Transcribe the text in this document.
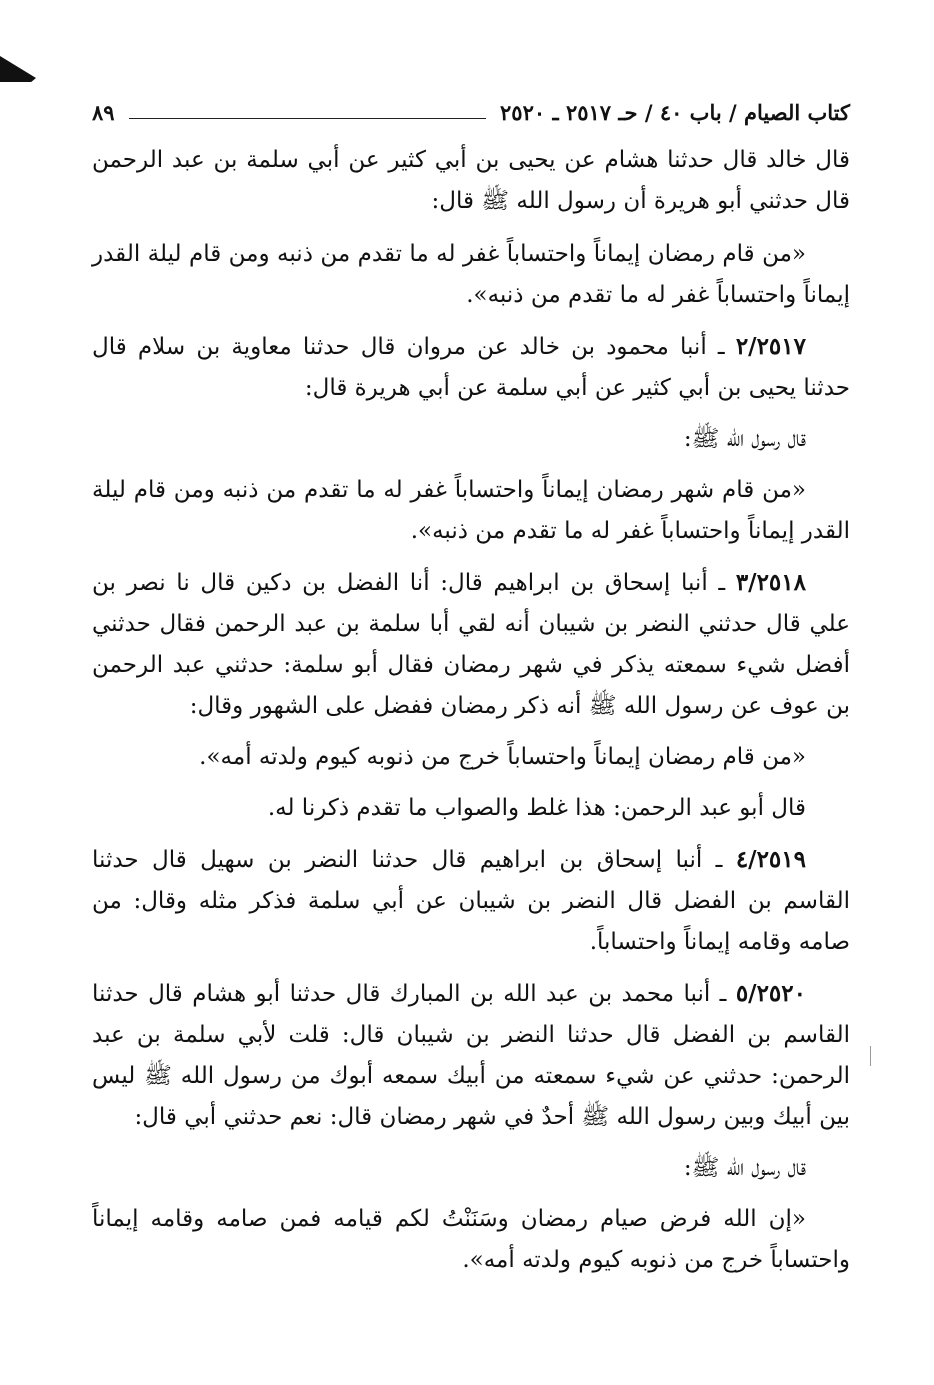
كتاب الصيام / باب ٤٠ / حـ ٢٥١٧ ـ ٢٥٢٠
٨٩

قال خالد قال حدثنا هشام عن يحيى بن أبي كثير عن أبي سلمة بن عبد الرحمن قال حدثني أبو هريرة أن رسول الله ﷺ قال:

«من قام رمضان إيماناً واحتساباً غفر له ما تقدم من ذنبه ومن قام ليلة القدر إيماناً واحتساباً غفر له ما تقدم من ذنبه».

٢/٢٥١٧ ـ أنبا محمود بن خالد عن مروان قال حدثنا معاوية بن سلام قال حدثنا يحيى بن أبي كثير عن أبي سلمة عن أبي هريرة قال:

قال رسول الله ﷺ:

«من قام شهر رمضان إيماناً واحتساباً غفر له ما تقدم من ذنبه ومن قام ليلة القدر إيماناً واحتساباً غفر له ما تقدم من ذنبه».

٣/٢٥١٨ ـ أنبا إسحاق بن ابراهيم قال: أنا الفضل بن دكين قال نا نصر بن علي قال حدثني النضر بن شيبان أنه لقي أبا سلمة بن عبد الرحمن فقال حدثني أفضل شيء سمعته يذكر في شهر رمضان فقال أبو سلمة: حدثني عبد الرحمن بن عوف عن رسول الله ﷺ أنه ذكر رمضان ففضل على الشهور وقال:

«من قام رمضان إيماناً واحتساباً خرج من ذنوبه كيوم ولدته أمه».

قال أبو عبد الرحمن: هذا غلط والصواب ما تقدم ذكرنا له.

٤/٢٥١٩ ـ أنبا إسحاق بن ابراهيم قال حدثنا النضر بن سهيل قال حدثنا القاسم بن الفضل قال النضر بن شيبان عن أبي سلمة فذكر مثله وقال: من صامه وقامه إيماناً واحتساباً.

٥/٢٥٢٠ ـ أنبا محمد بن عبد الله بن المبارك قال حدثنا أبو هشام قال حدثنا القاسم بن الفضل قال حدثنا النضر بن شيبان قال: قلت لأبي سلمة بن عبد الرحمن: حدثني عن شيء سمعته من أبيك سمعه أبوك من رسول الله ﷺ ليس بين أبيك وبين رسول الله ﷺ أحدٌ في شهر رمضان قال: نعم حدثني أبي قال:

قال رسول الله ﷺ:

«إن الله فرض صيام رمضان وسَنَنْتُ لكم قيامه فمن صامه وقامه إيماناً واحتساباً خرج من ذنوبه كيوم ولدته أمه».
